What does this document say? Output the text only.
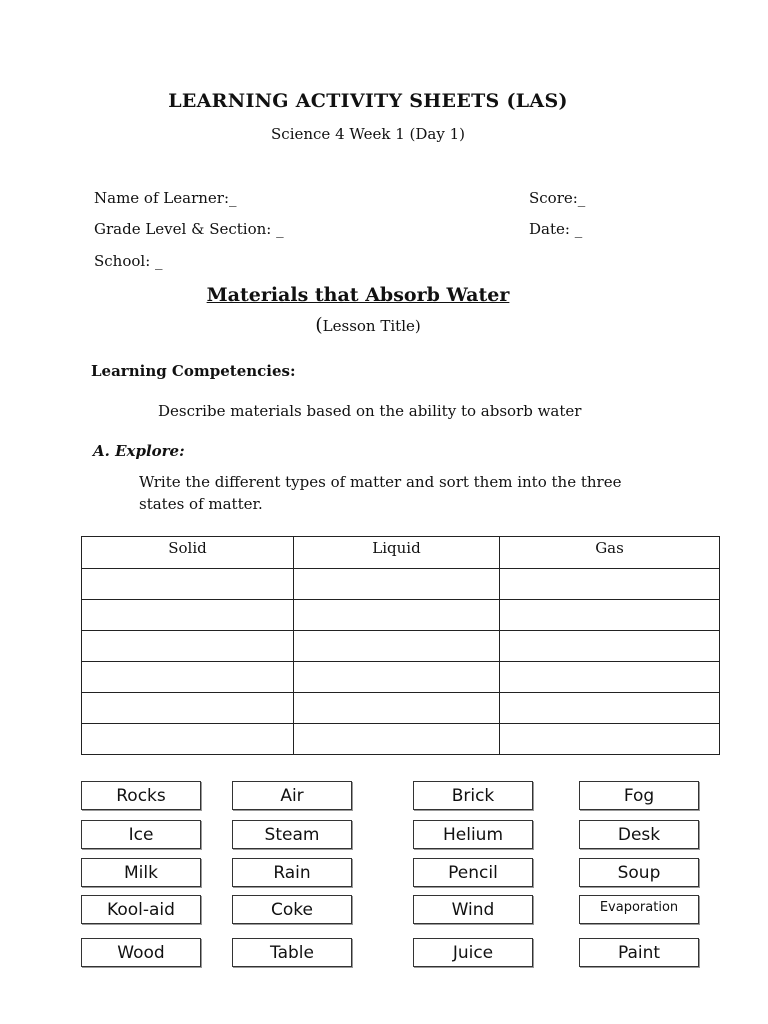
LEARNING ACTIVITY SHEETS (LAS)
Science 4 Week 1 (Day 1)
Name of Learner:_	Score:_
Grade Level & Section: _	Date: _
School: _
Materials that Absorb Water
(Lesson Title)
Learning Competencies:
Describe materials based on the ability to absorb water
A. Explore:
Write the different types of matter and sort them into the three
states of matter.
Solid	Liquid	Gas

Rocks	Air	Brick	Fog
Ice	Steam	Helium	Desk
Milk	Rain	Pencil	Soup
Kool-aid	Coke	Wind	Evaporation
Wood	Table	Juice	Paint
